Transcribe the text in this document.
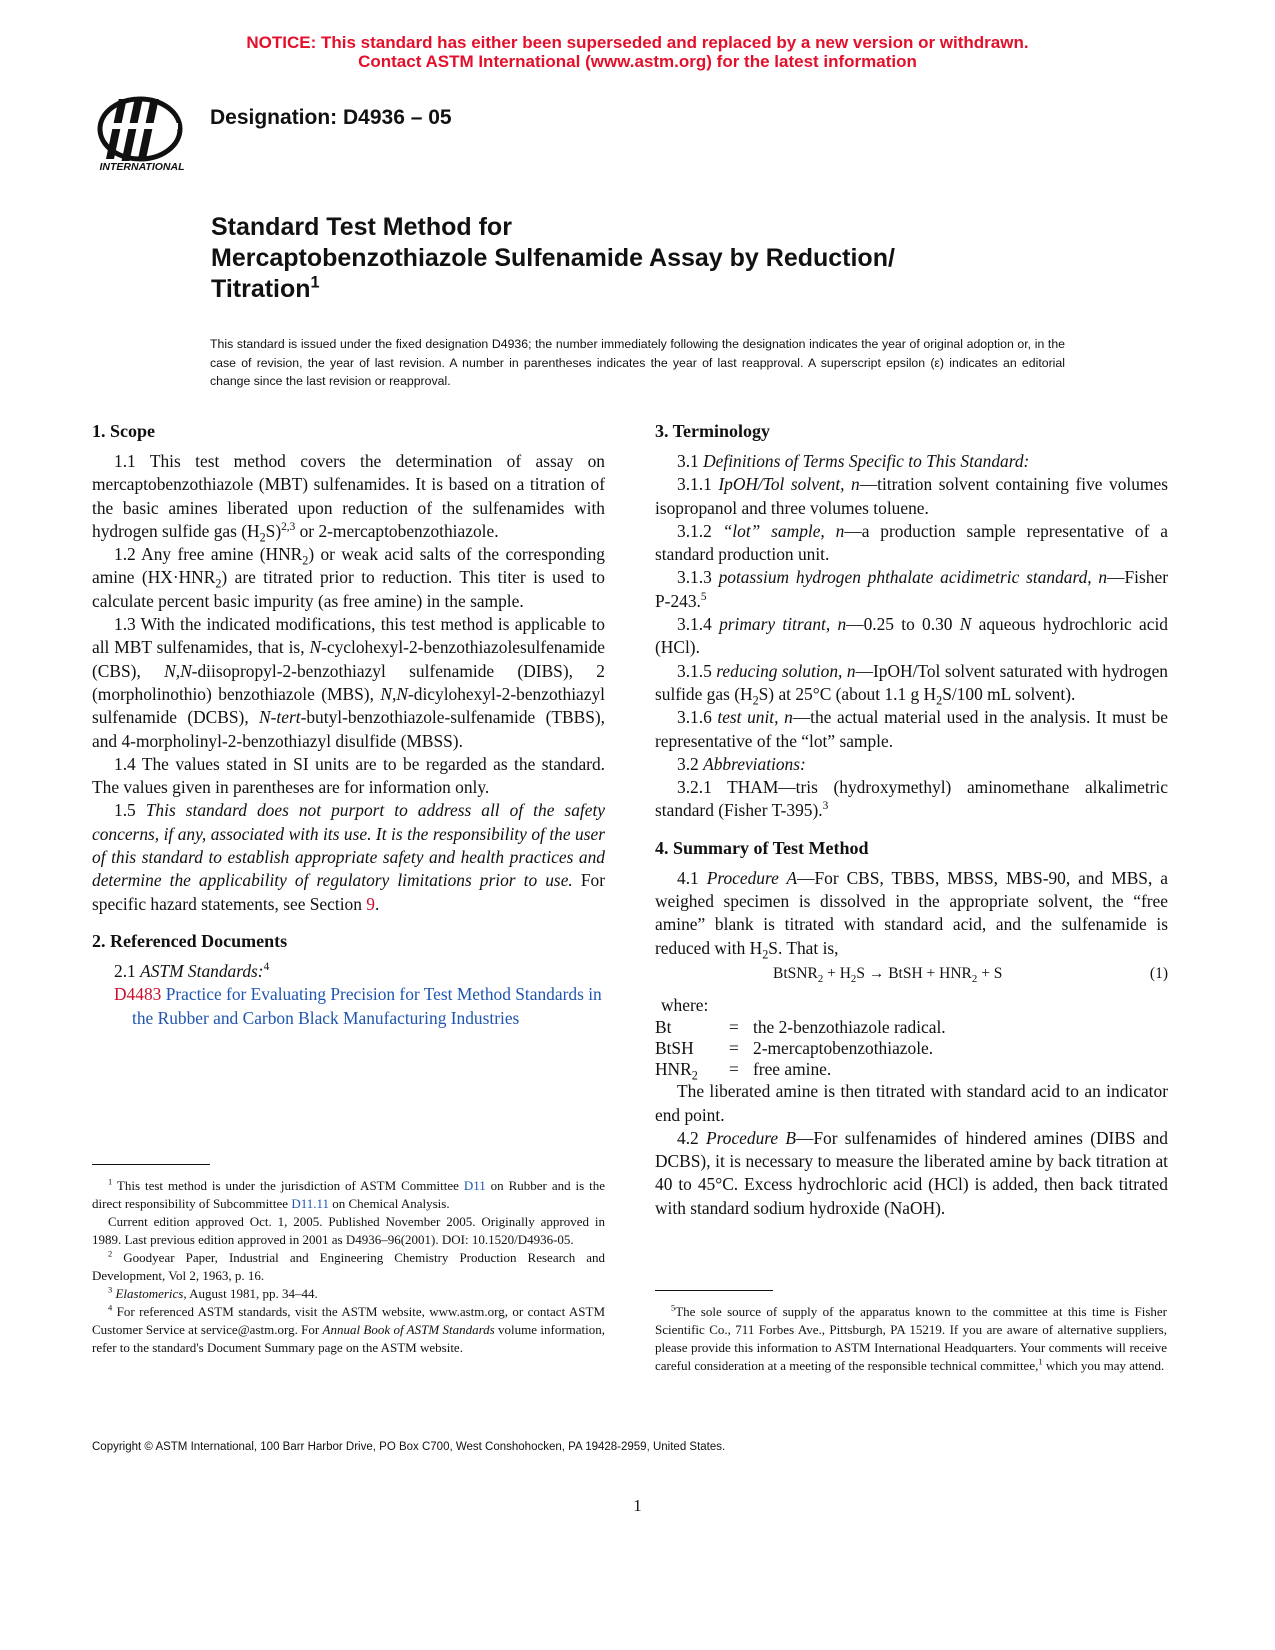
NOTICE: This standard has either been superseded and replaced by a new version or withdrawn.
Contact ASTM International (www.astm.org) for the latest information
INTERNATIONAL
Designation: D4936 – 05
Standard Test Method for
Mercaptobenzothiazole Sulfenamide Assay by Reduction/
Titration$^1$
This standard is issued under the fixed designation D4936; the number immediately following the designation indicates the year of original adoption or, in the case of revision, the year of last revision. A number in parentheses indicates the year of last reapproval. A superscript epsilon (ε) indicates an editorial change since the last revision or reapproval.
1. Scope

1.1 This test method covers the determination of assay on mercaptobenzothiazole (MBT) sulfenamides. It is based on a titration of the basic amines liberated upon reduction of the sulfenamides with hydrogen sulfide gas $(H_2S)^{2,3}$ or 2-mercaptobenzothiazole.

1.2 Any free amine $(HNR_2)$ or weak acid salts of the corresponding amine $(HX\cdot HNR_2)$ are titrated prior to reduction. This titer is used to calculate percent basic impurity (as free amine) in the sample.

1.3 With the indicated modifications, this test method is applicable to all MBT sulfenamides, that is, N-cyclohexyl-2-benzothiazolesulfenamide (CBS), N,N-diisopropyl-2-benzothiazyl sulfenamide (DIBS), 2 (morpholinothio) benzothiazole (MBS), N,N-dicylohexyl-2-benzothiazyl sulfenamide (DCBS), N-tert-butyl-benzothiazole-sulfenamide (TBBS), and 4-morpholinyl-2-benzothiazyl disulfide (MBSS).

1.4 The values stated in SI units are to be regarded as the standard. The values given in parentheses are for information only.

1.5 This standard does not purport to address all of the safety concerns, if any, associated with its use. It is the responsibility of the user of this standard to establish appropriate safety and health practices and determine the applicability of regulatory limitations prior to use. For specific hazard statements, see Section 9.

2. Referenced Documents

2.1 ASTM Standards:$^4$

D4483 Practice for Evaluating Precision for Test Method Standards in the Rubber and Carbon Black Manufacturing Industries

$^1$ This test method is under the jurisdiction of ASTM Committee D11 on Rubber and is the direct responsibility of Subcommittee D11.11 on Chemical Analysis.

Current edition approved Oct. 1, 2005. Published November 2005. Originally approved in 1989. Last previous edition approved in 2001 as D4936–96(2001). DOI: 10.1520/D4936-05.

$^2$ Goodyear Paper, Industrial and Engineering Chemistry Production Research and Development, Vol 2, 1963, p. 16.

$^3$ Elastomerics, August 1981, pp. 34–44.

$^4$ For referenced ASTM standards, visit the ASTM website, www.astm.org, or contact ASTM Customer Service at service@astm.org. For Annual Book of ASTM Standards volume information, refer to the standard's Document Summary page on the ASTM website.

3. Terminology

3.1 Definitions of Terms Specific to This Standard:

3.1.1 IpOH/Tol solvent, n—titration solvent containing five volumes isopropanol and three volumes toluene.

3.1.2 “lot” sample, n—a production sample representative of a standard production unit.

3.1.3 potassium hydrogen phthalate acidimetric standard, n—Fisher P-243.$^5$

3.1.4 primary titrant, n—0.25 to 0.30 N aqueous hydrochloric acid (HCl).

3.1.5 reducing solution, n—IpOH/Tol solvent saturated with hydrogen sulfide gas $(H_2S)$ at 25°C (about 1.1 g $H_2S/100$ mL solvent).

3.1.6 test unit, n—the actual material used in the analysis. It must be representative of the “lot” sample.

3.2 Abbreviations:

3.2.1 THAM—tris (hydroxymethyl) aminomethane alkalimetric standard (Fisher T-395).$^3$

4. Summary of Test Method

4.1 Procedure A—For CBS, TBBS, MBSS, MBS-90, and MBS, a weighed specimen is dissolved in the appropriate solvent, the “free amine” blank is titrated with standard acid, and the sulfenamide is reduced with $H_2S$. That is,

BtSNR$_2$ + $H_2S$ → BtSH + $HNR_2 + S$	(1)
where:
Bt	=	the 2-benzothiazole radical.
BtSH	=	2-mercaptobenzothiazole.
$HNR_2$	=	free amine.

The liberated amine is then titrated with standard acid to an indicator end point.

4.2 Procedure B—For sulfenamides of hindered amines (DIBS and DCBS), it is necessary to measure the liberated amine by back titration at 40 to 45°C. Excess hydrochloric acid (HCl) is added, then back titrated with standard sodium hydroxide (NaOH).

$^5$The sole source of supply of the apparatus known to the committee at this time is Fisher Scientific Co., 711 Forbes Ave., Pittsburgh, PA 15219. If you are aware of alternative suppliers, please provide this information to ASTM International Headquarters. Your comments will receive careful consideration at a meeting of the responsible technical committee,$^1$ which you may attend.

Copyright © ASTM International, 100 Barr Harbor Drive, PO Box C700, West Conshohocken, PA 19428-2959, United States.
1
